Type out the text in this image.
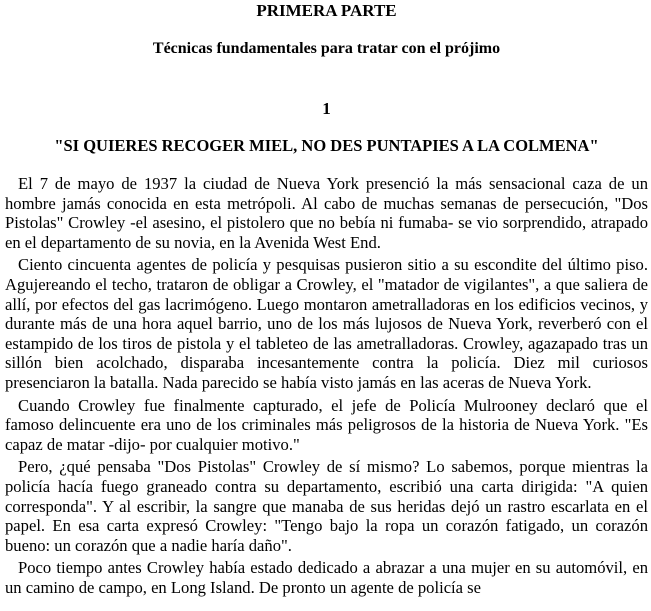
PRIMERA PARTE
Técnicas fundamentales para tratar con el prójimo
1
"SI QUIERES RECOGER MIEL, NO DES PUNTAPIES A LA COLMENA"

El 7 de mayo de 1937 la ciudad de Nueva York presenció la más sensacional caza de un hombre jamás conocida en esta metrópoli. Al cabo de muchas semanas de persecución, "Dos Pistolas" Crowley -el asesino, el pistolero que no bebía ni fumaba- se vio sorprendido, atrapado en el departamento de su novia, en la Avenida West End.

Ciento cincuenta agentes de policía y pesquisas pusieron sitio a su escondite del último piso. Agujereando el techo, trataron de obligar a Crowley, el "matador de vigilantes", a que saliera de allí, por efectos del gas lacrimógeno. Luego montaron ametralladoras en los edificios vecinos, y durante más de una hora aquel barrio, uno de los más lujosos de Nueva York, reverberó con el estampido de los tiros de pistola y el tableteo de las ametralladoras. Crowley, agazapado tras un sillón bien acolchado, disparaba incesantemente contra la policía. Diez mil curiosos presenciaron la batalla. Nada parecido se había visto jamás en las aceras de Nueva York.

Cuando Crowley fue finalmente capturado, el jefe de Policía Mulrooney declaró que el famoso delincuente era uno de los criminales más peligrosos de la historia de Nueva York. "Es capaz de matar -dijo- por cualquier motivo."

Pero, ¿qué pensaba "Dos Pistolas" Crowley de sí mismo? Lo sabemos, porque mientras la policía hacía fuego graneado contra su departamento, escribió una carta dirigida: "A quien corresponda". Y al escribir, la sangre que manaba de sus heridas dejó un rastro escarlata en el papel. En esa carta expresó Crowley: "Tengo bajo la ropa un corazón fatigado, un corazón bueno: un corazón que a nadie haría daño".

Poco tiempo antes Crowley había estado dedicado a abrazar a una mujer en su automóvil, en un camino de campo, en Long Island. De pronto un agente de policía se
